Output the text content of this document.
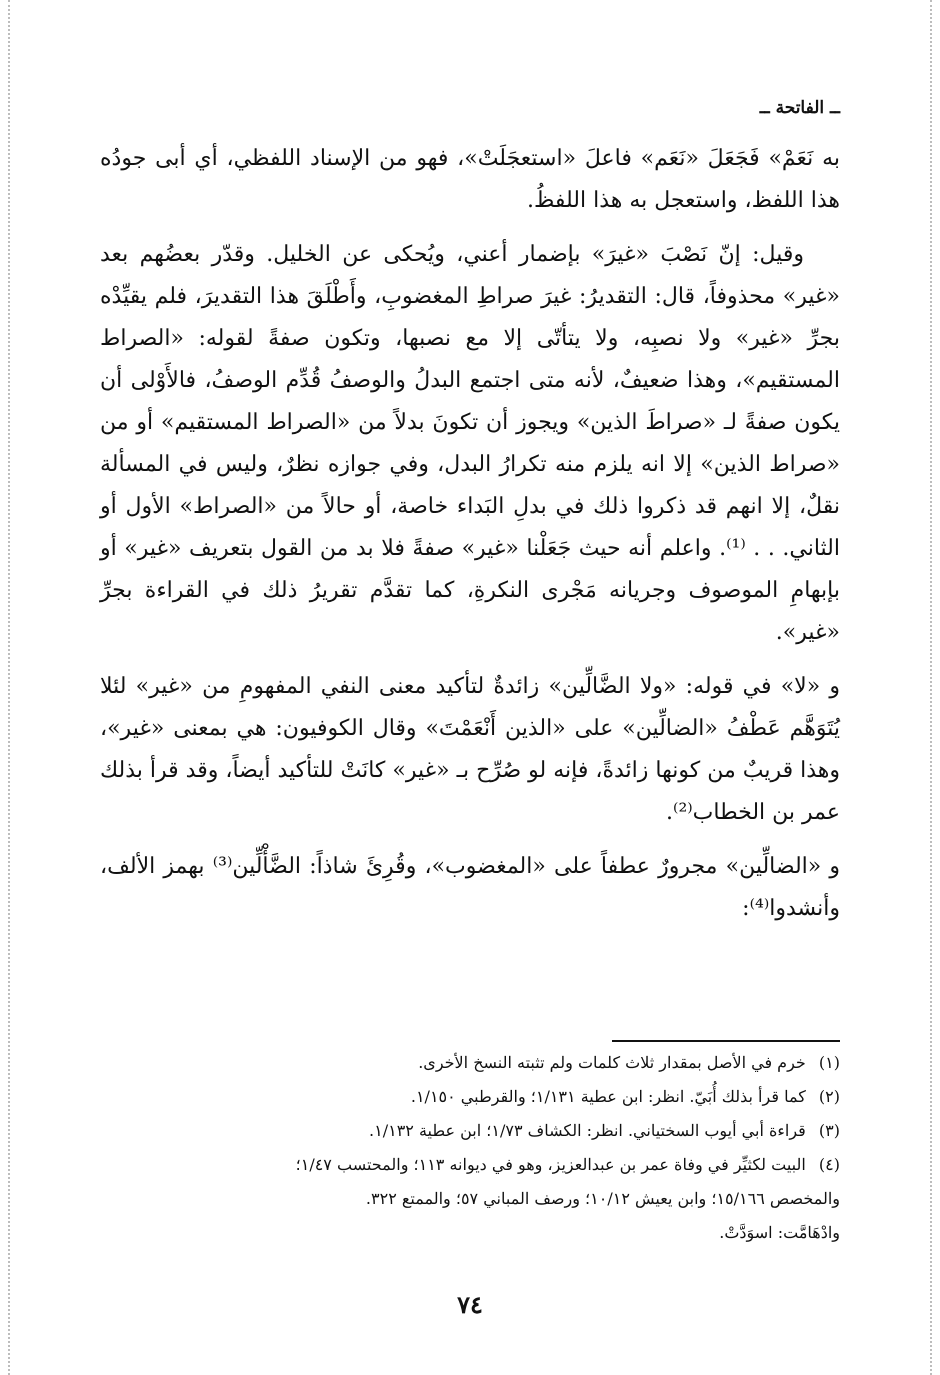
ــ الفاتحة ــ

به نَعَمْ» فَجَعَلَ «نَعَم» فاعلَ «استعجَلَتْ»، فهو من الإسناد اللفظي، أي أبى جودُه هذا اللفظ، واستعجل به هذا اللفظُ.

وقيل: إنّ نَصْبَ «غيرَ» بإضمار أعني، ويُحكى عن الخليل. وقدّر بعضُهم بعد «غير» محذوفاً، قال: التقديرُ: غيرَ صراطِ المغضوبِ، وأَطْلَقَ هذا التقديرَ، فلم يقيِّدْه بجرِّ «غير» ولا نصبِه، ولا يتأتّى إلا مع نصبها، وتكون صفةً لقوله: «الصراط المستقيم»، وهذا ضعيفٌ، لأنه متى اجتمع البدلُ والوصفُ قُدِّم الوصفُ، فالأَوْلى أن يكون صفةً لـ «صراطَ الذين» ويجوز أن تكونَ بدلاً من «الصراط المستقيم» أو من «صراط الذين» إلا انه يلزم منه تكرارُ البدل، وفي جوازه نظرٌ، وليس في المسألة نقلٌ، إلا انهم قد ذكروا ذلك في بدلِ البَداء خاصة، أو حالاً من «الصراط» الأول أو الثاني. . . ⁽¹⁾. واعلم أنه حيث جَعَلْنا «غير» صفةً فلا بد من القول بتعريف «غير» أو بإبهامِ الموصوف وجريانه مَجْرى النكرةِ، كما تقدَّم تقريرُ ذلك في القراءة بجرِّ «غير».

و «لا» في قوله: «ولا الضَّالِّين» زائدةٌ لتأكيد معنى النفي المفهومِ من «غير» لئلا يُتَوَهَّم عَطْفُ «الضالِّين» على «الذين أَنْعَمْتَ» وقال الكوفيون: هي بمعنى «غير»، وهذا قريبٌ من كونها زائدةً، فإنه لو صُرِّح بـ «غير» كانَتْ للتأكيد أيضاً، وقد قرأ بذلك عمر بن الخطاب⁽²⁾.

و «الضالِّين» مجرورٌ عطفاً على «المغضوب»، وقُرِئَ شاذاً: الضَّأْلِّين⁽³⁾ بهمز الألف، وأنشدوا⁽⁴⁾:

(١) خرم في الأصل بمقدار ثلاث كلمات ولم تثبته النسخ الأخرى.

(٢) كما قرأ بذلك أُبَيّ. انظر: ابن عطية ١/١٣١؛ والقرطبي ١/١٥٠.

(٣) قراءة أبي أيوب السختياني. انظر: الكشاف ١/٧٣؛ ابن عطية ١/١٣٢.

(٤) البيت لكثيِّر في وفاة عمر بن عبدالعزيز، وهو في ديوانه ١١٣؛ والمحتسب ١/٤٧؛

والمخصص ١٥/١٦٦؛ وابن يعيش ١٠/١٢؛ ورصف المباني ٥٧؛ والممتع ٣٢٢.

وادْهَامَّت: اسوَدَّتْ.

٧٤
